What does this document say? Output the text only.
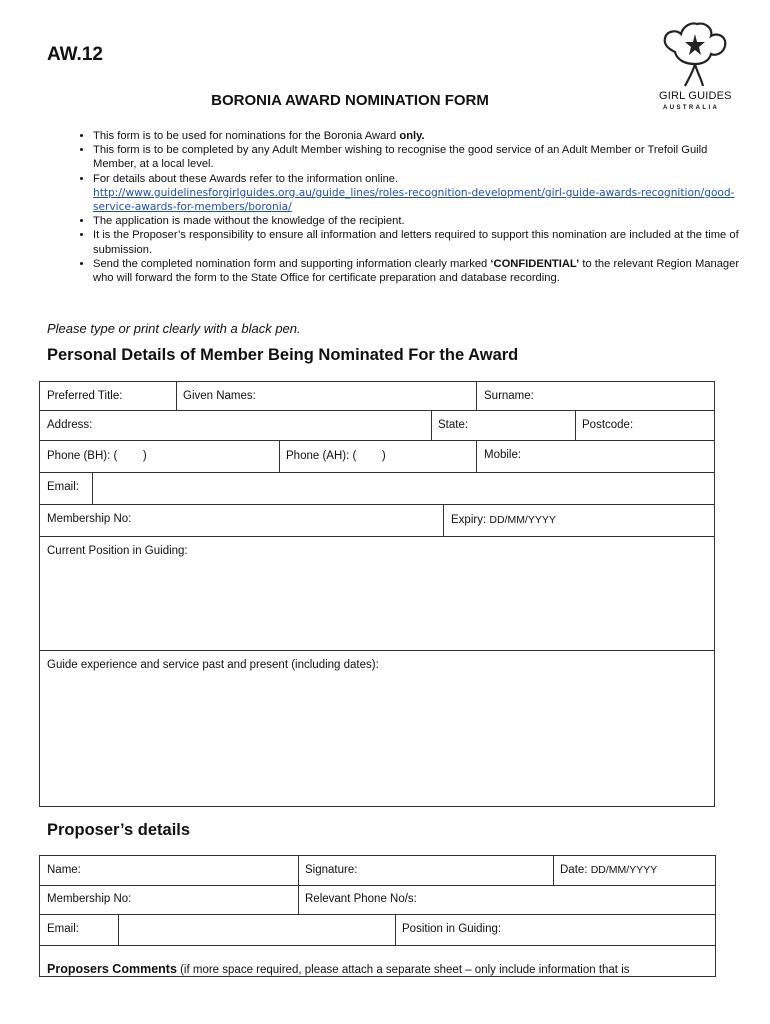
AW.12
BORONIA AWARD NOMINATION FORM	GIRL GUIDES
AUSTRALIA
• This form is to be used for nominations for the Boronia Award only.
• This form is to be completed by any Adult Member wishing to recognise the good service of an Adult Member or Trefoil Guild Member, at a local level.
• For details about these Awards refer to the information online.
http://www.guidelinesforgirlguides.org.au/guide_lines/roles-recognition-development/girl-guide-awards-recognition/good-service-awards-for-members/boronia/
• The application is made without the knowledge of the recipient.
• It is the Proposer’s responsibility to ensure all information and letters required to support this nomination are included at the time of submission.
• Send the completed nomination form and supporting information clearly marked ‘CONFIDENTIAL’ to the relevant Region Manager who will forward the form to the State Office for certificate preparation and database recording.
Please type or print clearly with a black pen.
Personal Details of Member Being Nominated For the Award
Preferred Title:	Given Names:	Surname:
Address:	State:	Postcode:
Phone (BH): (        )	Phone (AH): (        )	Mobile:
Email:
Membership No:	Expiry: DD/MM/YYYY
Current Position in Guiding:
Guide experience and service past and present (including dates):
Proposer’s details
Name:	Signature:	Date: DD/MM/YYYY
Membership No:	Relevant Phone No/s:
Email:	Position in Guiding:
Proposers Comments (if more space required, please attach a separate sheet – only include information that is
